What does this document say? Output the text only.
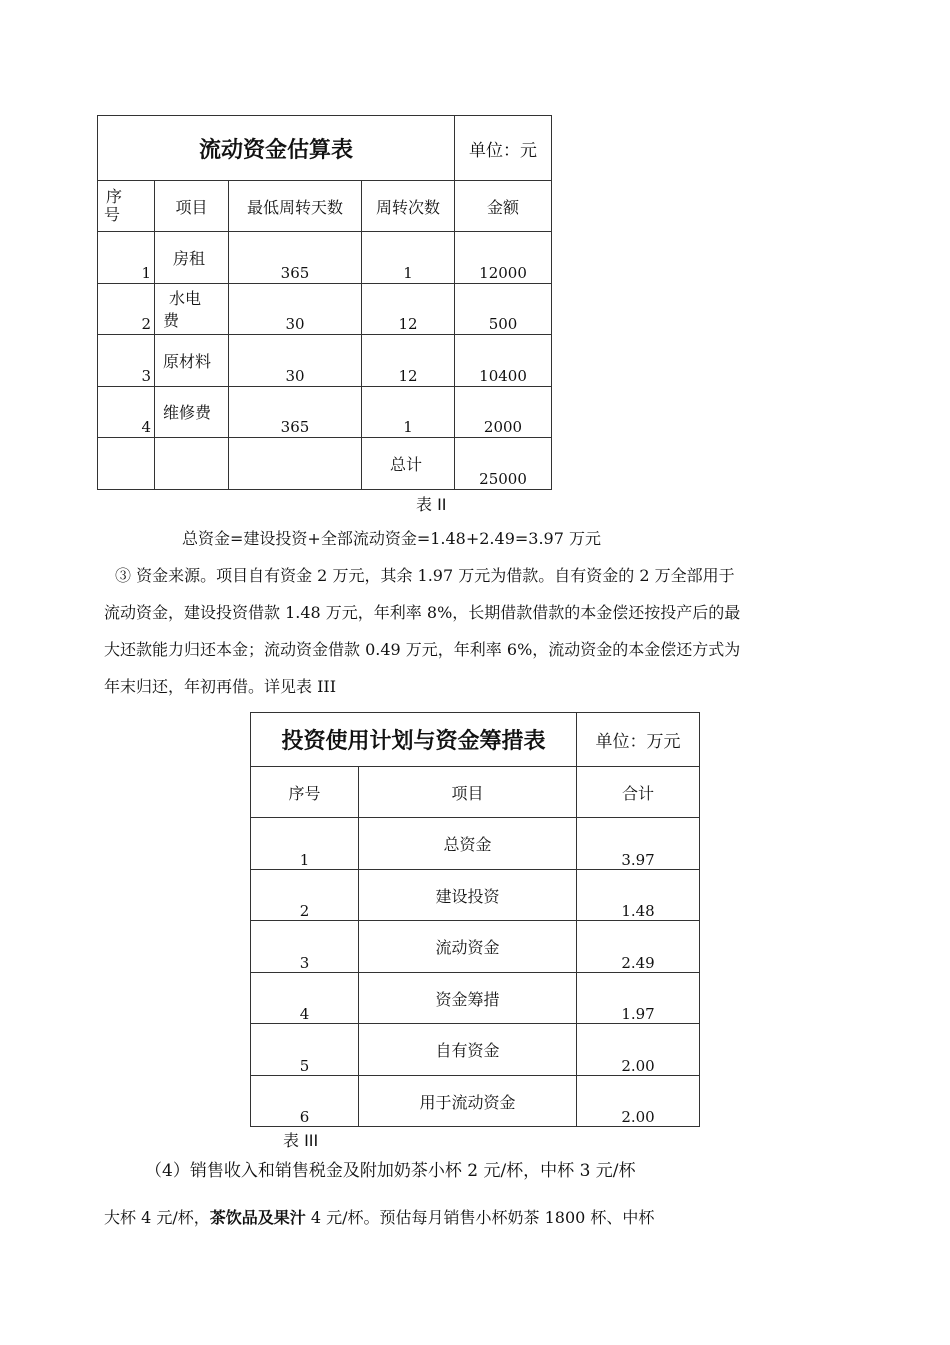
流动资金估算表				单位：元

序
号	项目	最低周转天数	周转次数	金额

1	房租	365	1	12000

2	水电
费	30	12	500

3	原材料	30	12	10400

4	维修费	365	1	2000

			总计	25000
表 II
总资金=建设投资+全部流动资金=1.48+2.49=3.97 万元
③ 资金来源。项目自有资金 2 万元，其余 1.97 万元为借款。自有资金的 2 万全部用于
流动资金，建设投资借款 1.48 万元，年利率 8%，长期借款借款的本金偿还按投产后的最
大还款能力归还本金；流动资金借款 0.49 万元，年利率 6%，流动资金的本金偿还方式为
年末归还，年初再借。详见表 III
投资使用计划与资金筹措表		单位：万元
序号	项目	合计

1	总资金	3.97

2	建设投资	1.48

3	流动资金	2.49

4	资金筹措	1.97

5	自有资金	2.00

6	用于流动资金	2.00
表 III
（4）销售收入和销售税金及附加奶茶小杯 2 元/杯，中杯 3 元/杯
大杯 4 元/杯，茶饮品及果汁 4 元/杯。预估每月销售小杯奶茶 1800 杯、中杯
